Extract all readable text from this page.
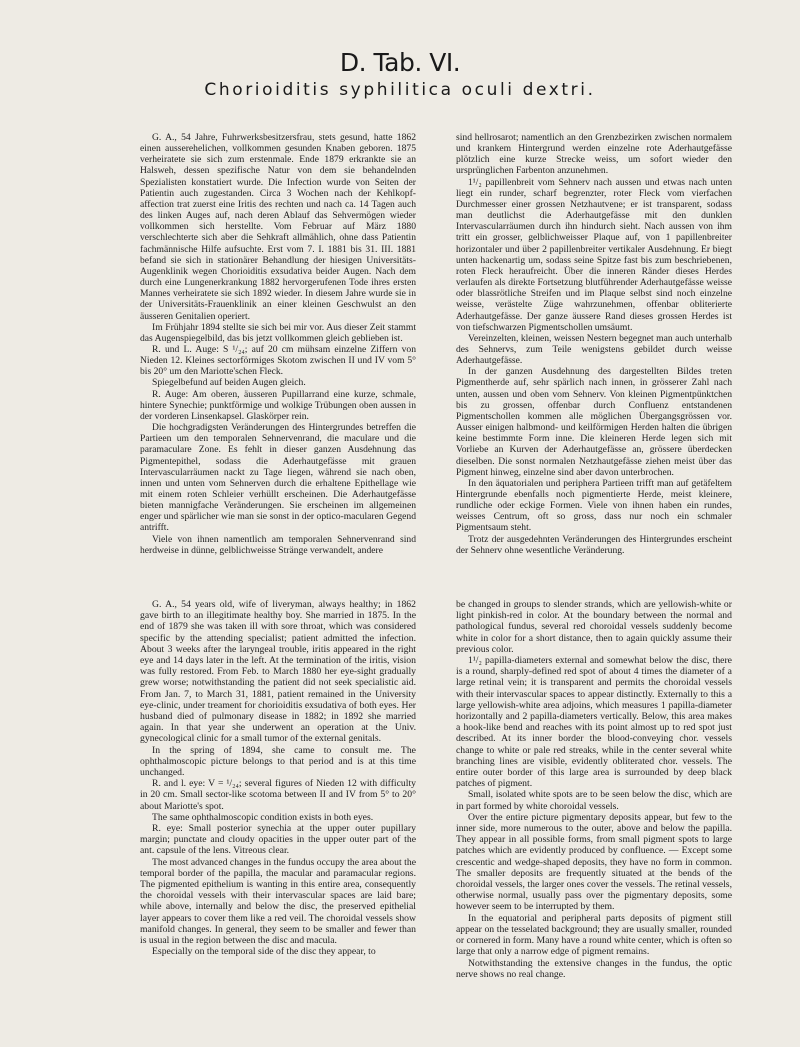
D. Tab. VI.
Chorioiditis syphilitica oculi dextri.

G. A., 54 Jahre, Fuhrwerksbesitzersfrau, stets gesund, hatte 1862 einen ausserehelichen, vollkommen gesunden Knaben geboren. 1875 verheiratete sie sich zum erstenmale. Ende 1879 erkrankte sie an Halsweh, dessen spezifische Natur von dem sie behandelnden Spezialisten konstatiert wurde. Die Infection wurde von Seiten der Patientin auch zugestanden. Circa 3 Wochen nach der Kehlkopf-affection trat zuerst eine Iritis des rechten und nach ca. 14 Tagen auch des linken Auges auf, nach deren Ablauf das Sehvermögen wieder vollkommen sich herstellte. Vom Februar auf März 1880 verschlechterte sich aber die Sehkraft allmählich, ohne dass Patientin fachmännische Hilfe aufsuchte. Erst vom 7. I. 1881 bis 31. III. 1881 befand sie sich in stationärer Behandlung der hiesigen Universitäts-Augenklinik wegen Chorioiditis exsudativa beider Augen. Nach dem durch eine Lungenerkrankung 1882 hervorgerufenen Tode ihres ersten Mannes verheiratete sie sich 1892 wieder. In diesem Jahre wurde sie in der Universitäts-Frauenklinik an einer kleinen Geschwulst an den äusseren Genitalien operiert.

Im Frühjahr 1894 stellte sie sich bei mir vor. Aus dieser Zeit stammt das Augenspiegelbild, das bis jetzt vollkommen gleich geblieben ist.

R. und L. Auge: S ¹/₂₄; auf 20 cm mühsam einzelne Ziffern von Nieden 12. Kleines sectorförmiges Skotom zwischen II und IV vom 5° bis 20° um den Mariotte'schen Fleck.

Spiegelbefund auf beiden Augen gleich.

R. Auge: Am oberen, äusseren Pupillarrand eine kurze, schmale, hintere Synechie; punktförmige und wolkige Trübungen oben aussen in der vorderen Linsenkapsel. Glaskörper rein.

Die hochgradigsten Veränderungen des Hintergrundes betreffen die Partieen um den temporalen Sehnervenrand, die maculare und die paramaculare Zone. Es fehlt in dieser ganzen Ausdehnung das Pigmentepithel, sodass die Aderhautgefässe mit grauen Intervascularräumen nackt zu Tage liegen, während sie nach oben, innen und unten vom Sehnerven durch die erhaltene Epithellage wie mit einem roten Schleier verhüllt erscheinen. Die Aderhautgefässe bieten mannigfache Veränderungen. Sie erscheinen im allgemeinen enger und spärlicher wie man sie sonst in der optico-macularen Gegend antrifft.

Viele von ihnen namentlich am temporalen Sehnervenrand sind herdweise in dünne, gelblichweisse Stränge verwandelt, andere

sind hellrosarot; namentlich an den Grenzbezirken zwischen normalem und krankem Hintergrund werden einzelne rote Aderhautgefässe plötzlich eine kurze Strecke weiss, um sofort wieder den ursprünglichen Farbenton anzunehmen.

1¹/₂ papillenbreit vom Sehnerv nach aussen und etwas nach unten liegt ein runder, scharf begrenzter, roter Fleck vom vierfachen Durchmesser einer grossen Netzhautvene; er ist transparent, sodass man deutlichst die Aderhautgefässe mit den dunklen Intervascularräumen durch ihn hindurch sieht. Nach aussen von ihm tritt ein grosser, gelblichweisser Plaque auf, von 1 papillenbreiter horizontaler und über 2 papillenbreiter vertikaler Ausdehnung. Er biegt unten hackenartig um, sodass seine Spitze fast bis zum beschriebenen, roten Fleck heraufreicht. Über die inneren Ränder dieses Herdes verlaufen als direkte Fortsetzung blutführender Aderhautgefässe weisse oder blassrötliche Streifen und im Plaque selbst sind noch einzelne weisse, verästelte Züge wahrzunehmen, offenbar obliterierte Aderhautgefässe. Der ganze äussere Rand dieses grossen Herdes ist von tiefschwarzen Pigmentschollen umsäumt.

Vereinzelten, kleinen, weissen Nestern begegnet man auch unterhalb des Sehnervs, zum Teile wenigstens gebildet durch weisse Aderhautgefässe.

In der ganzen Ausdehnung des dargestellten Bildes treten Pigmentherde auf, sehr spärlich nach innen, in grösserer Zahl nach unten, aussen und oben vom Sehnerv. Von kleinen Pigmentpünktchen bis zu grossen, offenbar durch Confluenz entstandenen Pigmentschollen kommen alle möglichen Übergangsgrössen vor. Ausser einigen halbmond- und keilförmigen Herden halten die übrigen keine bestimmte Form inne. Die kleineren Herde legen sich mit Vorliebe an Kurven der Aderhautgefässe an, grössere überdecken dieselben. Die sonst normalen Netzhautgefässe ziehen meist über das Pigment hinweg, einzelne sind aber davon unterbrochen.

In den äquatorialen und periphera Partieen trifft man auf getäfeltem Hintergrunde ebenfalls noch pigmentierte Herde, meist kleinere, rundliche oder eckige Formen. Viele von ihnen haben ein rundes, weisses Centrum, oft so gross, dass nur noch ein schmaler Pigmentsaum steht.

Trotz der ausgedehnten Veränderungen des Hintergrundes erscheint der Sehnerv ohne wesentliche Veränderung.

G. A., 54 years old, wife of liveryman, always healthy; in 1862 gave birth to an illegitimate healthy boy. She married in 1875. In the end of 1879 she was taken ill with sore throat, which was considered specific by the attending specialist; patient admitted the infection. About 3 weeks after the laryngeal trouble, iritis appeared in the right eye and 14 days later in the left. At the termination of the iritis, vision was fully restored. From Feb. to March 1880 her eye-sight gradually grew worse; notwithstanding the patient did not seek specialistic aid. From Jan. 7, to March 31, 1881, patient remained in the University eye-clinic, under treament for chorioiditis exsudativa of both eyes. Her husband died of pulmonary disease in 1882; in 1892 she married again. In that year she underwent an operation at the Univ. gynecological clinic for a small tumor of the external genitals.

In the spring of 1894, she came to consult me. The ophthalmoscopic picture belongs to that period and is at this time unchanged.

R. and l. eye: V = ¹/₂₄; several figures of Nieden 12 with difficulty in 20 cm. Small sector-like scotoma between II and IV from 5° to 20° about Mariotte's spot.

The same ophthalmoscopic condition exists in both eyes.

R. eye: Small posterior synechia at the upper outer pupillary margin; punctate and cloudy opacities in the upper outer part of the ant. capsule of the lens. Vitreous clear.

The most advanced changes in the fundus occupy the area about the temporal border of the papilla, the macular and paramacular regions. The pigmented epithelium is wanting in this entire area, consequently the choroidal vessels with their intervascular spaces are laid bare; while above, internally and below the disc, the preserved epithelial layer appears to cover them like a red veil. The choroidal vessels show manifold changes. In general, they seem to be smaller and fewer than is usual in the region between the disc and macula.

Especially on the temporal side of the disc they appear, to

be changed in groups to slender strands, which are yellowish-white or light pinkish-red in color. At the boundary between the normal and pathological fundus, several red choroidal vessels suddenly become white in color for a short distance, then to again quickly assume their previous color.

1¹/₂ papilla-diameters external and somewhat below the disc, there is a round, sharply-defined red spot of about 4 times the diameter of a large retinal vein; it is transparent and permits the choroidal vessels with their intervascular spaces to appear distinctly. Externally to this a large yellowish-white area adjoins, which measures 1 papilla-diameter horizontally and 2 papilla-diameters vertically. Below, this area makes a hook-like bend and reaches with its point almost up to red spot just described. At its inner border the blood-conveying chor. vessels change to white or pale red streaks, while in the center several white branching lines are visible, evidently obliterated chor. vessels. The entire outer border of this large area is surrounded by deep black patches of pigment.

Small, isolated white spots are to be seen below the disc, which are in part formed by white choroidal vessels.

Over the entire picture pigmentary deposits appear, but few to the inner side, more numerous to the outer, above and below the papilla. They appear in all possible forms, from small pigment spots to large patches which are evidently produced by confluence. — Except some crescentic and wedge-shaped deposits, they have no form in common. The smaller deposits are frequently situated at the bends of the choroidal vessels, the larger ones cover the vessels. The retinal vessels, otherwise normal, usually pass over the pigmentary deposits, some however seem to be interrupted by them.

In the equatorial and peripheral parts deposits of pigment still appear on the tesselated background; they are usually smaller, rounded or cornered in form. Many have a round white center, which is often so large that only a narrow edge of pigment remains.

Notwithstanding the extensive changes in the fundus, the optic nerve shows no real change.
